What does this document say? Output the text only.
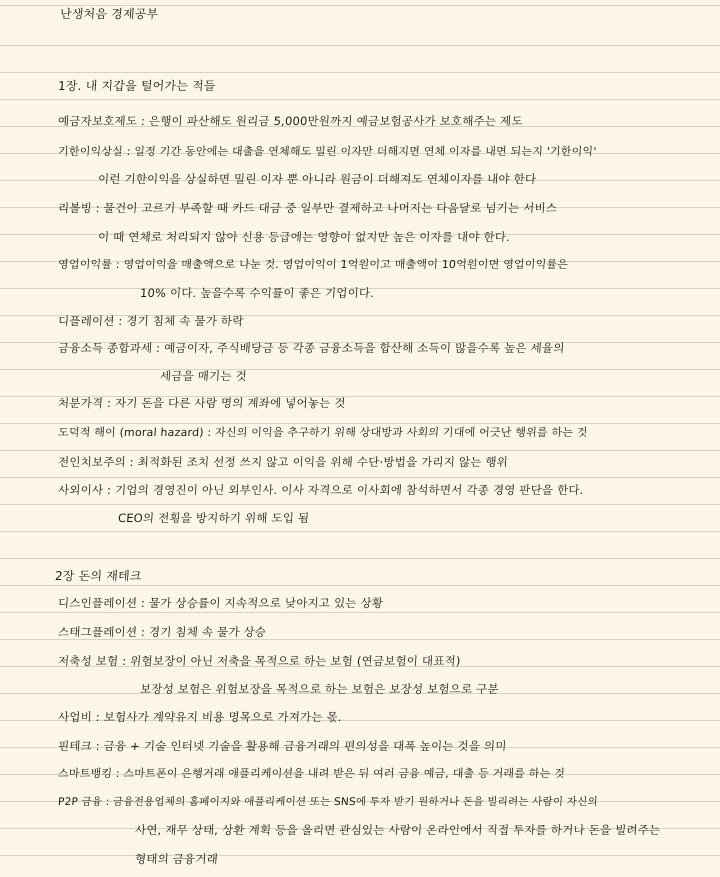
난생처음 경제공부
1장. 내 지갑을 털어가는 적들
예금자보호제도 : 은행이 파산해도 원리금 5,000만원까지 예금보험공사가 보호해주는 제도
기한이익상실 : 일정 기간 동안에는 대출을 연체해도 밀린 이자만 더해지면 연체 이자를 내면 되는지 '기한이익'
이런 기한이익을 상실하면 밀린 이자 뿐 아니라 원금이 더해져도 연체이자를 내야 한다
리볼빙 : 물건이 고르기 부족할 때 카드 대금 중 일부만 결제하고 나머지는 다음달로 넘기는 서비스
이 때 연체로 처리되지 않아 신용 등급에는 영향이 없지만 높은 이자를 내야 한다.
영업이익률 : 영업이익을 매출액으로 나눈 것. 영업이익이 1억원이고 매출액이 10억원이면 영업이익률은
10% 이다. 높을수록 수익률이 좋은 기업이다.
디플레이션 : 경기 침체 속 물가 하락
금융소득 종합과세 : 예금이자, 주식배당금 등 각종 금융소득을 합산해 소득이 많을수록 높은 세율의
세금을 매기는 것
처분가격 : 자기 돈을 다른 사람 명의 계좌에 넣어놓는 것
도덕적 해이 (moral hazard) : 자신의 이익을 추구하기 위해 상대방과 사회의 기대에 어긋난 행위를 하는 것
전인치보주의 : 최적화된 조치 선정 쓰지 않고 이익을 위해 수단·방법을 가리지 않는 행위
사외이사 : 기업의 경영진이 아닌 외부인사. 이사 자격으로 이사회에 참석하면서 각종 경영 판단을 한다.
CEO의 전횡을 방지하기 위해 도입 됨
2장 돈의 재테크
디스인플레이션 : 물가 상승률이 지속적으로 낮아지고 있는 상황
스태그플레이션 : 경기 침체 속 물가 상승
저축성 보험 : 위험보장이 아닌 저축을 목적으로 하는 보험 (연금보험이 대표적)
보장성 보험은 위험보장을 목적으로 하는 보험은 보장성 보험으로 구분
사업비 : 보험사가 계약유지 비용 명목으로 가져가는 몫.
핀테크 : 금융 + 기술 인터넷 기술을 활용해 금융거래의 편의성을 대폭 높이는 것을 의미
스마트뱅킹 : 스마트폰이 은행거래 애플리케이션을 내려 받은 뒤 여러 금융 예금, 대출 등 거래를 하는 것
P2P 금융 : 금융전용업체의 홈페이지와 애플리케이션 또는 SNS에 투자 받기 원하거나 돈을 빌리려는 사람이 자신의
사연, 재무 상태, 상환 계획 등을 올리면 관심있는 사람이 온라인에서 직접 투자를 하거나 돈을 빌려주는
형태의 금융거래
